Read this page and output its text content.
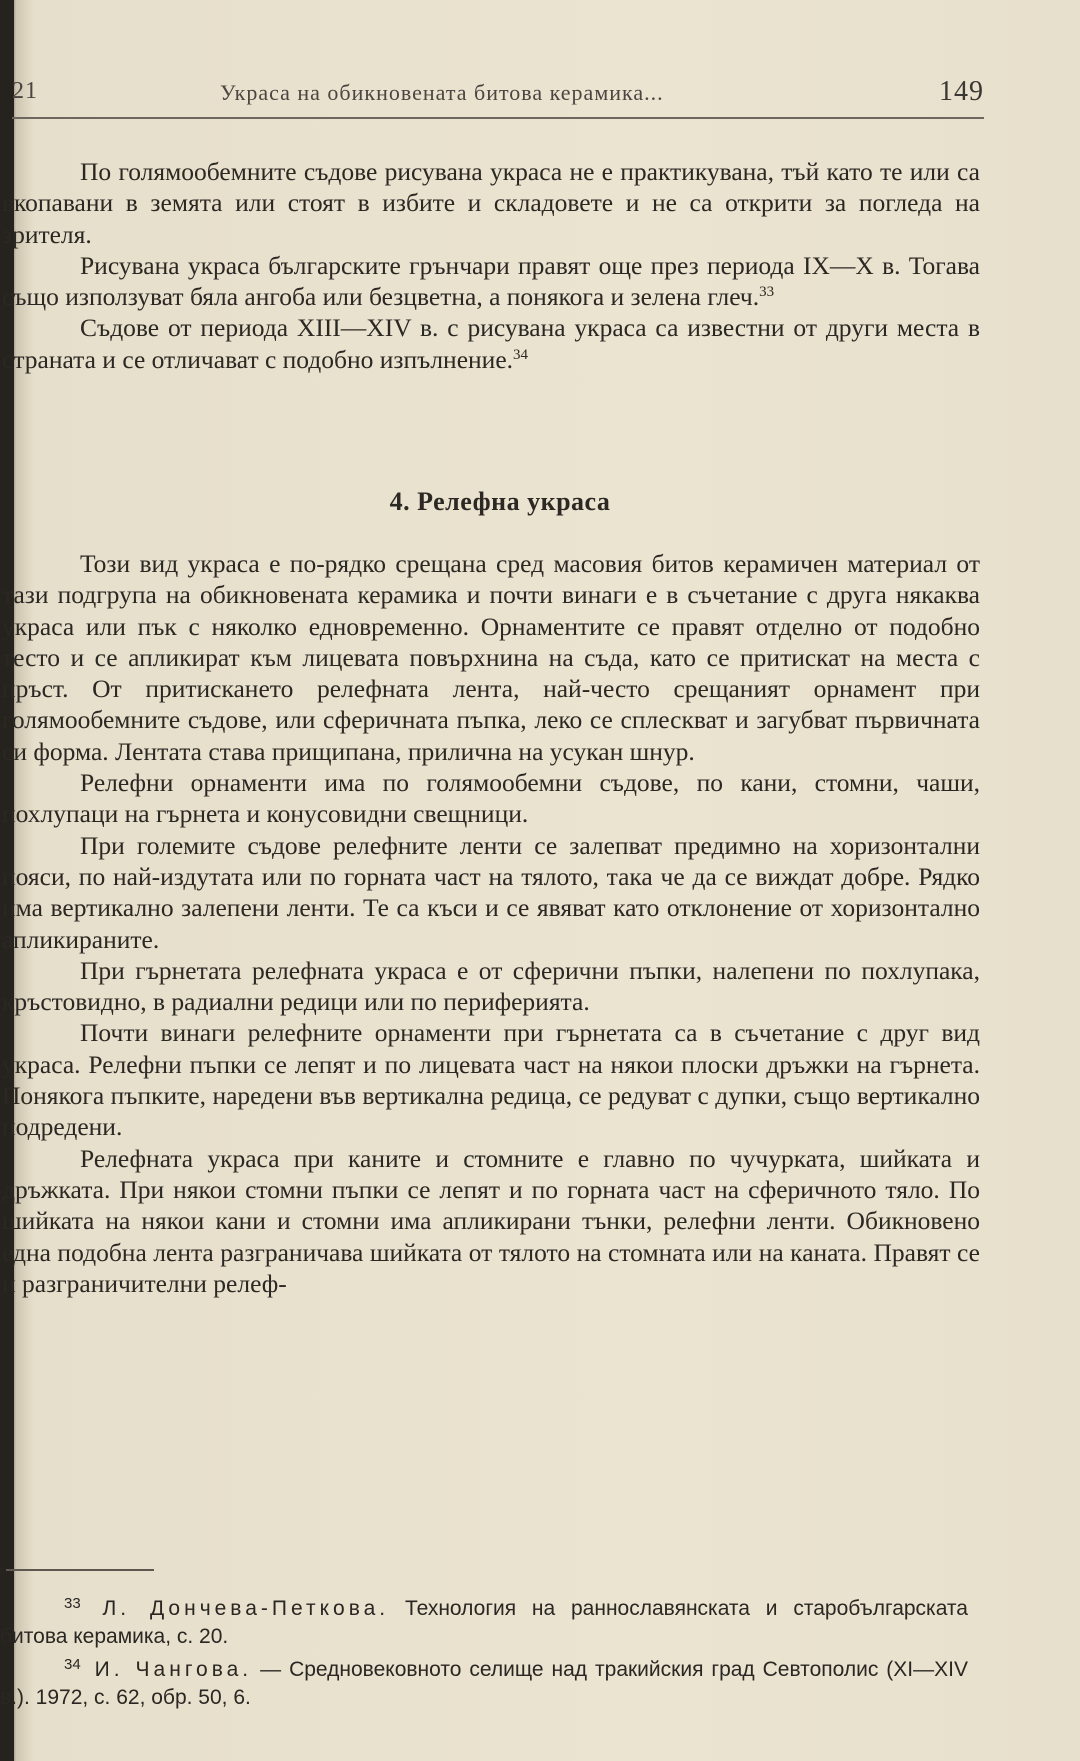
21	Украса на обикновената битова керамика...	149

По голямообемните съдове рисувана украса не е практикувана, тъй като те или са вкопавани в земята или стоят в избите и складовете и не са открити за погледа на зрителя.

Рисувана украса българските грънчари правят още през периода IX—X в. Тогава също използуват бяла ангоба или безцветна, а понякога и зелена глеч.$^{33}$

Съдове от периода XIII—XIV в. с рисувана украса са известни от други места в страната и се отличават с подобно изпълнение.$^{34}$

4. Релефна украса

Този вид украса е по-рядко срещана сред масовия битов керамичен материал от тази подгрупа на обикновената керамика и почти винаги е в съчетание с друга някаква украса или пък с няколко едновременно. Орнаментите се правят отделно от подобно тесто и се апликират към лицевата повърхнина на съда, като се притискат на места с пръст. От притискането релефната лента, най-често срещаният орнамент при голямообемните съдове, или сферичната пъпка, леко се сплескват и загубват първичната си форма. Лентата става прищипана, прилична на усукан шнур.

Релефни орнаменти има по голямообемни съдове, по кани, стомни, чаши, похлупаци на гърнета и конусовидни свещници.

При големите съдове релефните ленти се залепват предимно на хоризонтални пояси, по най-издутата или по горната част на тялото, така че да се виждат добре. Рядко има вертикално залепени ленти. Те са къси и се явяват като отклонение от хоризонтално апликираните.

При гърнетата релефната украса е от сферични пъпки, налепени по похлупака, кръстовидно, в радиални редици или по периферията.

Почти винаги релефните орнаменти при гърнетата са в съчетание с друг вид украса. Релефни пъпки се лепят и по лицевата част на някои плоски дръжки на гърнета. Понякога пъпките, наредени във вертикална редица, се редуват с дупки, също вертикално подредени.

Релефната украса при каните и стомните е главно по чучурката, шийката и дръжката. При някои стомни пъпки се лепят и по горната част на сферичното тяло. По шийката на някои кани и стомни има апликирани тънки, релефни ленти. Обикновено една подобна лента разграничава шийката от тялото на стомната или на каната. Правят се и разграничителни релеф-

$^{33}$ Л. Дончева-Петкова. Технология на раннославянската и старобългарската битова керамика, с. 20.

$^{34}$ И. Чангова. — Средновековното селище над тракийския град Севтополис (XI—XIV в.). 1972, с. 62, обр. 50, 6.
